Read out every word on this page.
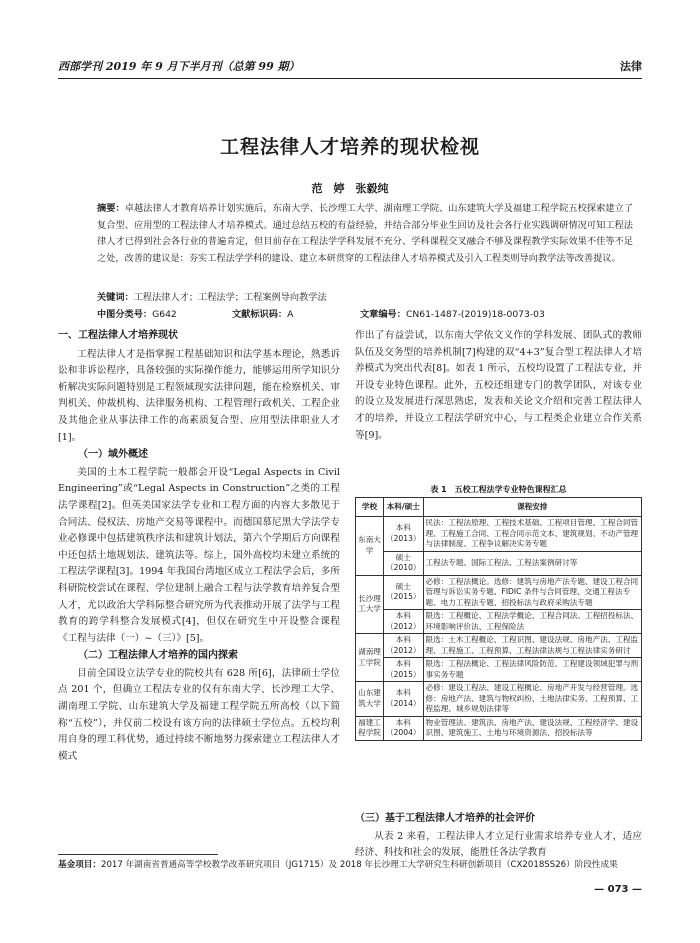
西部学刊 2019 年 9 月下半月刊（总第 99 期）	法律
工程法律人才培养的现状检视
范　婷　张毅纯
摘要：卓越法律人才教育培养计划实施后，东南大学、长沙理工大学、湖南理工学院、山东建筑大学及福建工程学院五校探索建立了复合型、应用型的工程法律人才培养模式。通过总结五校的有益经验，并结合部分毕业生回访及社会各行业实践调研情况可知工程法律人才已得到社会各行业的普遍肯定，但目前存在工程法学学科发展不充分、学科课程交叉融合不够及课程教学实际效果不佳等不足之处，改善的建议是：夯实工程法学学科的建设、建立本研贯穿的工程法律人才培养模式及引入工程类则导向教学法等改善提议。
关键词：工程法律人才；工程法学；工程案例导向教学法
中图分类号：G642	文献标识码：A	文章编号：CN61-1487-(2019)18-0073-03
一、工程法律人才培养现状

工程法律人才是指掌握工程基础知识和法学基本理论，熟悉诉讼和非诉讼程序，具备较强的实际操作能力，能够运用所学知识分析解决实际问题特别是工程领域现实法律问题，能在检察机关、审判机关、仲裁机构、法律服务机构、工程管理行政机关、工程企业及其他企业从事法律工作的高素质复合型、应用型法律职业人才[1]。

（一）域外概述

美国的土木工程学院一般都会开设“Legal Aspects in Civil Engineering”或“Legal Aspects in Construction”之类的工程法学课程[2]。但英美国家法学专业和工程方面的内容大多散见于合同法、侵权法、房地产交易等课程中。而德国慕尼黑大学法学专业必修课中包括建筑秩序法和建筑计划法，第六个学期后方向课程中还包括土地规划法、建筑法等。综上，国外高校均未建立系统的工程法学课程[3]。1994 年我国台湾地区成立工程法学会后，多所科研院校尝试在课程、学位建制上融合工程与法学教育培养复合型人才，尤以政治大学科际整合研究所为代表推动开展了法学与工程教育的跨学科整合发展模式[4]，但仅在研究生中开设整合课程《工程与法律（一）~（三）》[5]。

（二）工程法律人才培养的国内探索

目前全国设立法学专业的院校共有 628 所[6]，法律硕士学位点 201 个，但确立工程法专业的仅有东南大学、长沙理工大学、湖南理工学院、山东建筑大学及福建工程学院五所高校（以下简称“五校”），并仅前二校设有该方向的法律硕士学位点。五校均利用自身的理工科优势，通过持续不断地努力探索建立工程法律人才模式

作出了有益尝试，以东南大学依文义作的学科发展、团队式的教师队伍及交务型的培养机制[7]构建的双“4+3”复合型工程法律人才培养模式为突出代表[8]。如表 1 所示，五校均设置了工程法专业，并开设专业特色课程。此外，五校还组建专门的教学团队，对该专业的设立及发展进行深思熟虑，发表和关论文介绍和完善工程法律人才的培养，并设立工程法学研究中心，与工程类企业建立合作关系等[9]。

表 1　五校工程法学专业特色课程汇总
学校	本科/硕士	课程安排
东南大学	本科（2013）	民法：工程法原理、工程技术基础、工程项目管理、工程合同管理、工程施工合同、工程合同示范文本、建筑规划、不动产管理与法律制度、工程争议解决实务专题
	硕士（2010）	工程法专题、国际工程法、工程法案例研讨等
长沙理工大学	硕士（2015）	必修：工程法概论。选修：建筑与房地产法专题、建设工程合同管理与诉讼实务专题、FIDIC 条件与合同管理、交通工程法专题、电力工程法专题、招投标法与政府采购法专题
	本科（2012）	限选：工程概论、工程法学概论、工程合同法、工程招投标法、环境影响评价法、工程保险法
湖南理工学院	本科（2012）	限选：土木工程概论、工程识图、建设法规、房地产法、工程监理、工程施工、工程预算、工程法律法规与工程法律实务研讨
	本科（2015）	限选：工程法概论、工程法律风险防范、工程建设领域犯罪与刑事实务专题
山东建筑大学	本科（2014）	必修：建设工程法、建设工程概论、房地产开发与经营管理。选修：房地产法、建筑与物权纠纷、土地法律实务、工程预算、工程监理、城乡规划法律等
福建工程学院	本科（2004）	物业管理法、建筑法、房地产法、建设法规、工程经济学、建设识图、建筑施工、土地与环境资源法、招投标法等
（三）基于工程法律人才培养的社会评价

从表 2 来看，工程法律人才立足行业需求培养专业人才，适应经济、科技和社会的发展，能胜任各法学教育

基金项目：2017 年湖南省普通高等学校教学改革研究项目（JG1715）及 2018 年长沙理工大学研究生科研创新项目（CX2018SS26）阶段性成果
— 073 —
